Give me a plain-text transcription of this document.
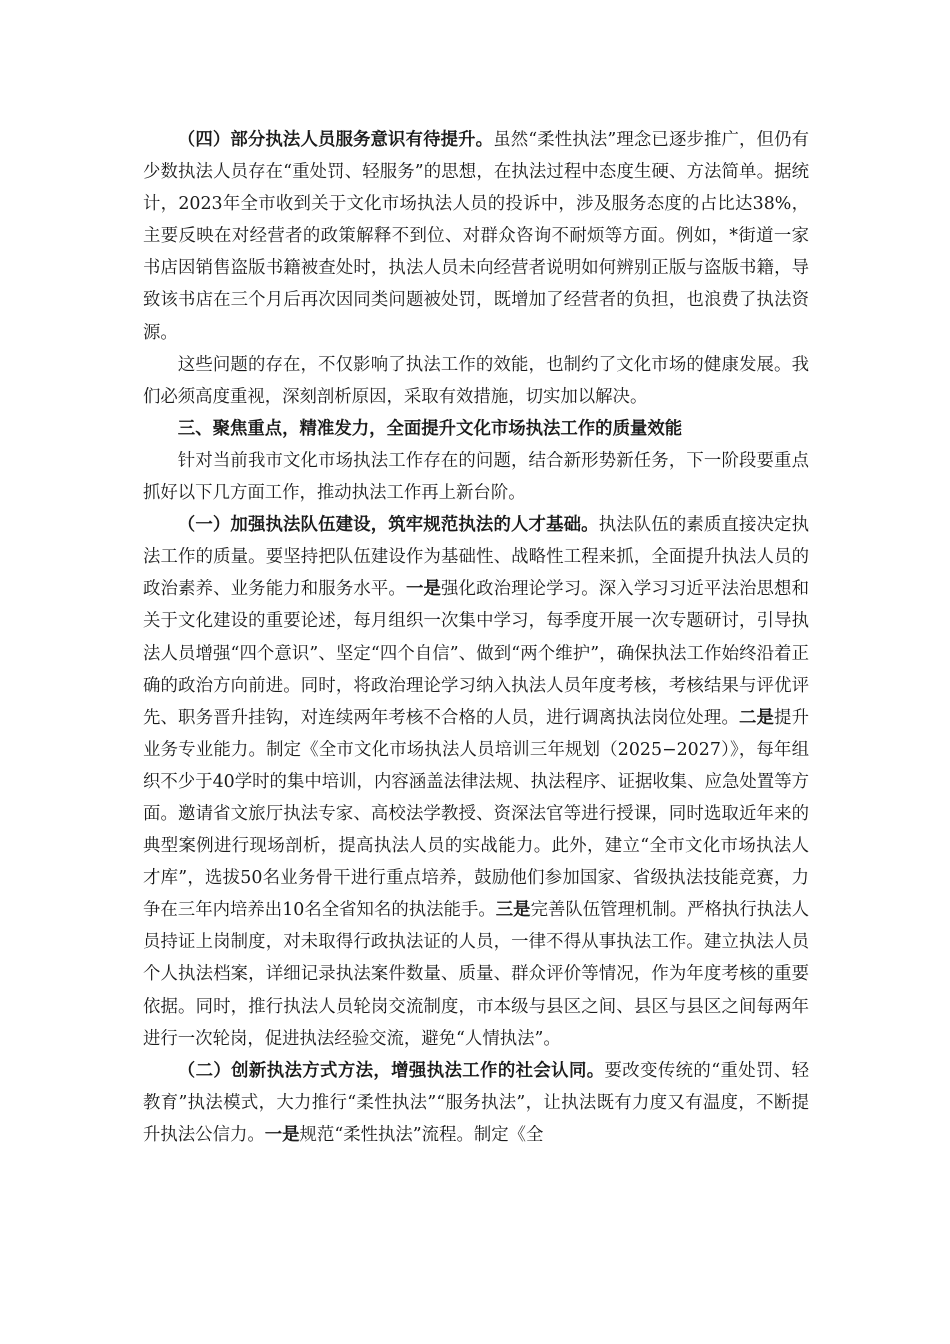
（四）部分执法人员服务意识有待提升。虽然“柔性执法”理念已逐步推广，但仍有少数执法人员存在“重处罚、轻服务”的思想，在执法过程中态度生硬、方法简单。据统计，2023年全市收到关于文化市场执法人员的投诉中，涉及服务态度的占比达38%，主要反映在对经营者的政策解释不到位、对群众咨询不耐烦等方面。例如，*街道一家书店因销售盗版书籍被查处时，执法人员未向经营者说明如何辨别正版与盗版书籍，导致该书店在三个月后再次因同类问题被处罚，既增加了经营者的负担，也浪费了执法资源。

这些问题的存在，不仅影响了执法工作的效能，也制约了文化市场的健康发展。我们必须高度重视，深刻剖析原因，采取有效措施，切实加以解决。

三、聚焦重点，精准发力，全面提升文化市场执法工作的质量效能

针对当前我市文化市场执法工作存在的问题，结合新形势新任务，下一阶段要重点抓好以下几方面工作，推动执法工作再上新台阶。

（一）加强执法队伍建设，筑牢规范执法的人才基础。执法队伍的素质直接决定执法工作的质量。要坚持把队伍建设作为基础性、战略性工程来抓，全面提升执法人员的政治素养、业务能力和服务水平。一是强化政治理论学习。深入学习习近平法治思想和关于文化建设的重要论述，每月组织一次集中学习，每季度开展一次专题研讨，引导执法人员增强“四个意识”、坚定“四个自信”、做到“两个维护”，确保执法工作始终沿着正确的政治方向前进。同时，将政治理论学习纳入执法人员年度考核，考核结果与评优评先、职务晋升挂钩，对连续两年考核不合格的人员，进行调离执法岗位处理。二是提升业务专业能力。制定《全市文化市场执法人员培训三年规划（2025−2027）》，每年组织不少于40学时的集中培训，内容涵盖法律法规、执法程序、证据收集、应急处置等方面。邀请省文旅厅执法专家、高校法学教授、资深法官等进行授课，同时选取近年来的典型案例进行现场剖析，提高执法人员的实战能力。此外，建立“全市文化市场执法人才库”，选拔50名业务骨干进行重点培养，鼓励他们参加国家、省级执法技能竞赛，力争在三年内培养出10名全省知名的执法能手。三是完善队伍管理机制。严格执行执法人员持证上岗制度，对未取得行政执法证的人员，一律不得从事执法工作。建立执法人员个人执法档案，详细记录执法案件数量、质量、群众评价等情况，作为年度考核的重要依据。同时，推行执法人员轮岗交流制度，市本级与县区之间、县区与县区之间每两年进行一次轮岗，促进执法经验交流，避免“人情执法”。

（二）创新执法方式方法，增强执法工作的社会认同。要改变传统的“重处罚、轻教育”执法模式，大力推行“柔性执法”“服务执法”，让执法既有力度又有温度，不断提升执法公信力。一是规范“柔性执法”流程。制定《全
